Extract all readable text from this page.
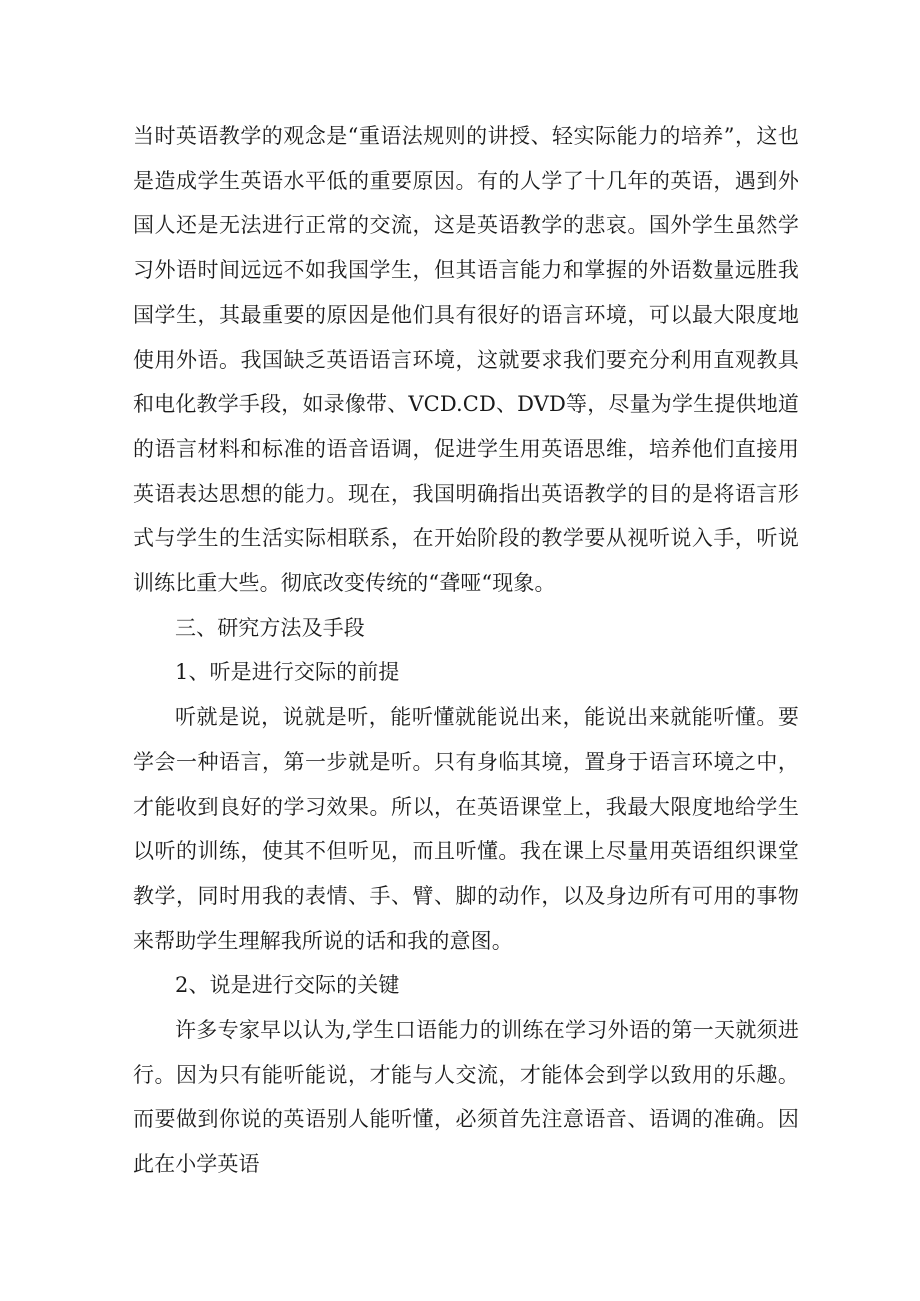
当时英语教学的观念是“重语法规则的讲授、轻实际能力的培养”，这也是造成学生英语水平低的重要原因。有的人学了十几年的英语，遇到外国人还是无法进行正常的交流，这是英语教学的悲哀。国外学生虽然学习外语时间远远不如我国学生，但其语言能力和掌握的外语数量远胜我国学生，其最重要的原因是他们具有很好的语言环境，可以最大限度地使用外语。我国缺乏英语语言环境，这就要求我们要充分利用直观教具和电化教学手段，如录像带、VCD.CD、DVD等，尽量为学生提供地道的语言材料和标准的语音语调，促进学生用英语思维，培养他们直接用英语表达思想的能力。现在，我国明确指出英语教学的目的是将语言形式与学生的生活实际相联系，在开始阶段的教学要从视听说入手，听说训练比重大些。彻底改变传统的“聋哑“现象。

三、研究方法及手段

1、听是进行交际的前提

听就是说，说就是听，能听懂就能说出来，能说出来就能听懂。要学会一种语言，第一步就是听。只有身临其境，置身于语言环境之中，才能收到良好的学习效果。所以，在英语课堂上，我最大限度地给学生以听的训练，使其不但听见，而且听懂。我在课上尽量用英语组织课堂教学，同时用我的表情、手、臂、脚的动作，以及身边所有可用的事物来帮助学生理解我所说的话和我的意图。

2、说是进行交际的关键

许多专家早以认为,学生口语能力的训练在学习外语的第一天就须进行。因为只有能听能说，才能与人交流，才能体会到学以致用的乐趣。而要做到你说的英语别人能听懂，必须首先注意语音、语调的准确。因此在小学英语
